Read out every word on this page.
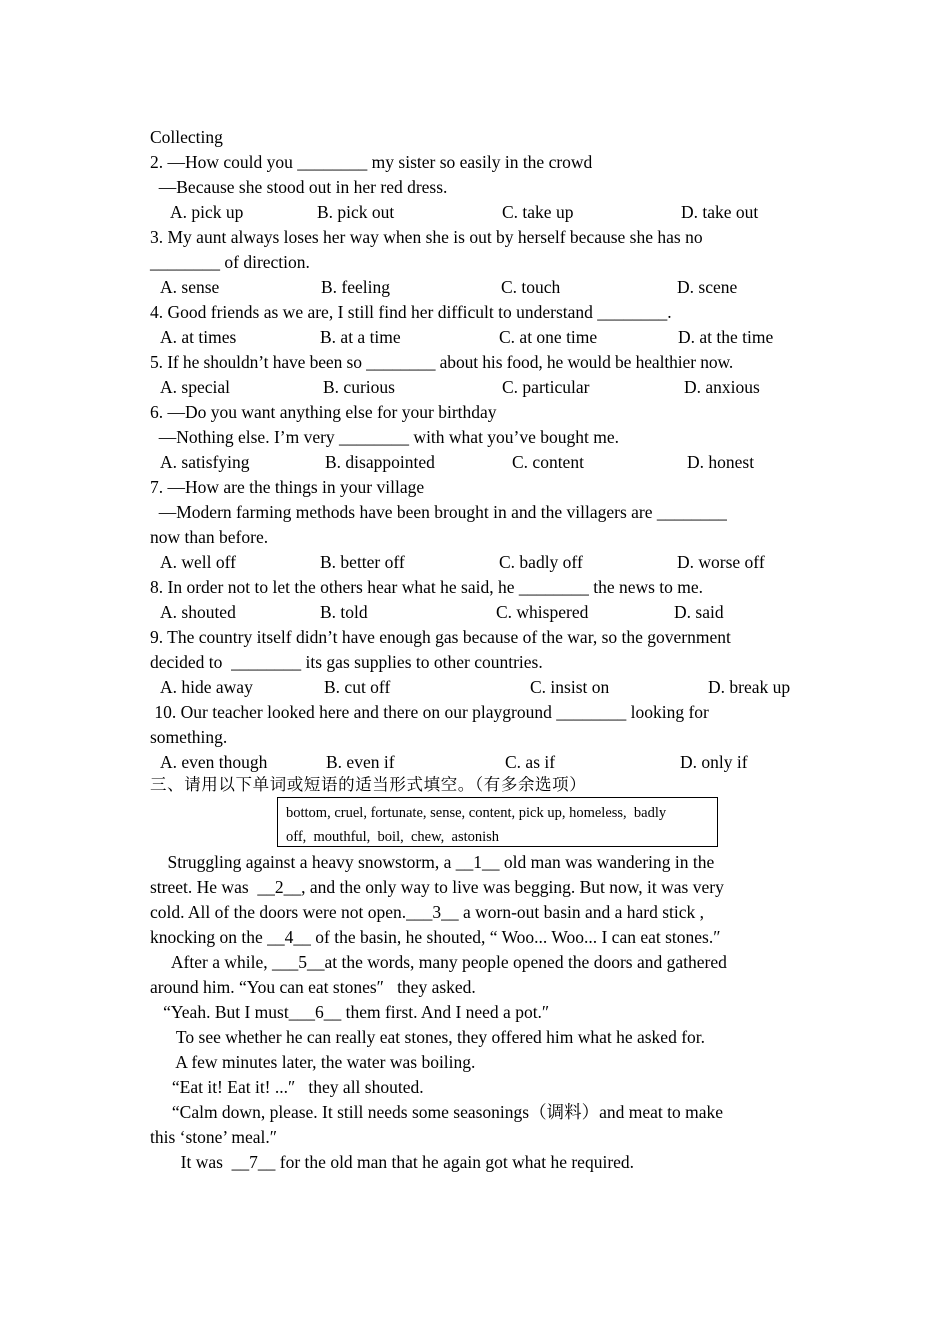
Collecting
2. —How could you ________ my sister so easily in the crowd
—Because she stood out in her red dress.
A. pick up	B. pick out	C. take up	D. take out
3. My aunt always loses her way when she is out by herself because she has no
________ of direction.
A. sense	B. feeling	C. touch	D. scene
4. Good friends as we are, I still find her difficult to understand ________.
A. at times	B. at a time	C. at one time	D. at the time
5. If he shouldn’t have been so ________ about his food, he would be healthier now.
A. special	B. curious	C. particular	D. anxious
6. —Do you want anything else for your birthday
—Nothing else. I’m very ________ with what you’ve bought me.
A. satisfying	B. disappointed	C. content	D. honest
7. —How are the things in your village
—Modern farming methods have been brought in and the villagers are ________
now than before.
A. well off	B. better off	C. badly off	D. worse off
8. In order not to let the others hear what he said, he ________ the news to me.
A. shouted	B. told	C. whispered	D. said
9. The country itself didn’t have enough gas because of the war, so the government
decided to  ________ its gas supplies to other countries.
A. hide away	B. cut off	C. insist on	D. break up
10. Our teacher looked here and there on our playground ________ looking for
something.
A. even though	B. even if	C. as if	D. only if
三、请用以下单词或短语的适当形式填空。（有多余选项）
bottom, cruel, fortunate, sense, content, pick up, homeless,  badly
off,  mouthful,  boil,  chew,  astonish
Struggling against a heavy snowstorm, a __1__ old man was wandering in the
street. He was  __2__, and the only way to live was begging. But now, it was very
cold. All of the doors were not open.___3__ a worn-out basin and a hard stick ,
knocking on the __4__ of the basin, he shouted, “ Woo... Woo... I can eat stones.″
After a while, ___5__at the words, many people opened the doors and gathered
around him. “You can eat stones″   they asked.
“Yeah. But I must___6__ them first. And I need a pot.″
To see whether he can really eat stones, they offered him what he asked for.
A few minutes later, the water was boiling.
“Eat it! Eat it! ...″   they all shouted.
“Calm down, please. It still needs some seasonings（调料）and meat to make
this ‘stone’ meal.″
It was  __7__ for the old man that he again got what he required.
